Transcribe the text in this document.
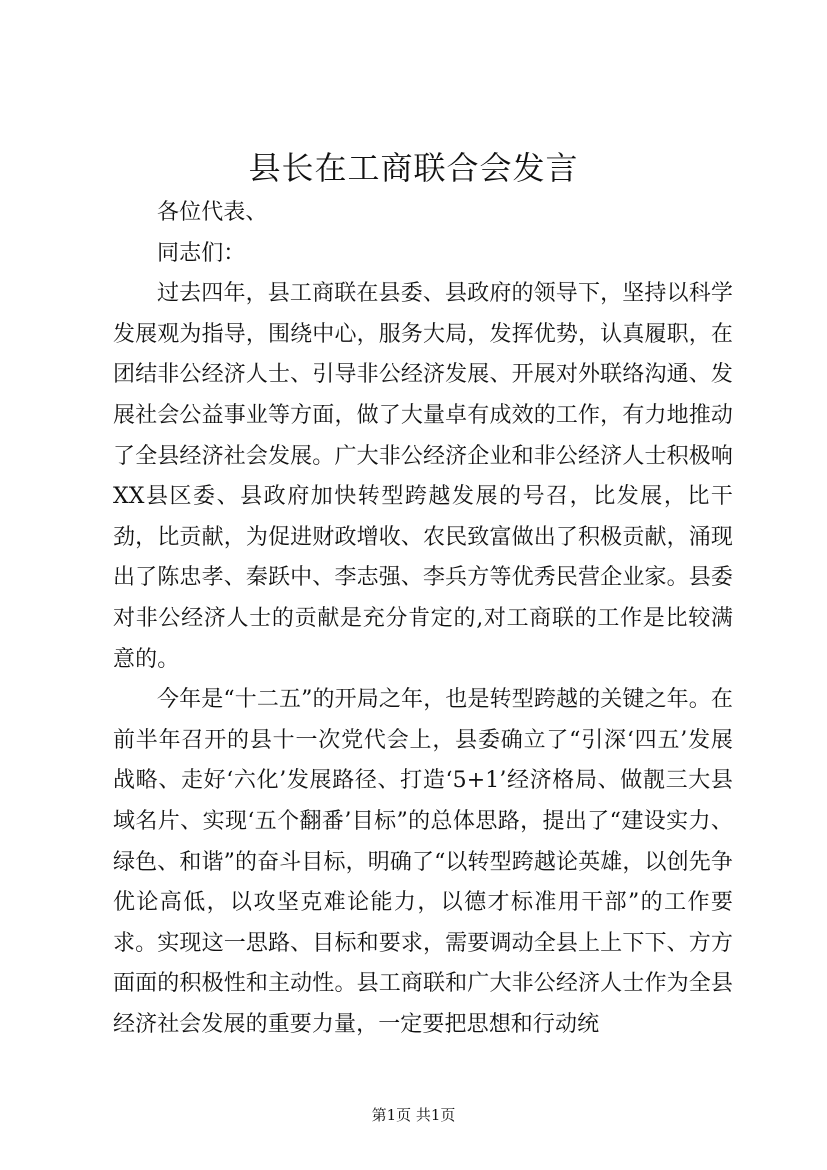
县长在工商联合会发言

各位代表、

同志们：

过去四年，县工商联在县委、县政府的领导下，坚持以科学发展观为指导，围绕中心，服务大局，发挥优势，认真履职，在团结非公经济人士、引导非公经济发展、开展对外联络沟通、发展社会公益事业等方面，做了大量卓有成效的工作，有力地推动了全县经济社会发展。广大非公经济企业和非公经济人士积极响XX县区委、县政府加快转型跨越发展的号召，比发展，比干劲，比贡献，为促进财政增收、农民致富做出了积极贡献，涌现出了陈忠孝、秦跃中、李志强、李兵方等优秀民营企业家。县委对非公经济人士的贡献是充分肯定的,对工商联的工作是比较满意的。

今年是“十二五”的开局之年，也是转型跨越的关键之年。在前半年召开的县十一次党代会上，县委确立了“引深‘四五’发展战略、走好‘六化’发展路径、打造‘5+1’经济格局、做靓三大县域名片、实现‘五个翻番’目标”的总体思路，提出了“建设实力、绿色、和谐”的奋斗目标，明确了“以转型跨越论英雄，以创先争优论高低，以攻坚克难论能力，以德才标准用干部”的工作要求。实现这一思路、目标和要求，需要调动全县上上下下、方方面面的积极性和主动性。县工商联和广大非公经济人士作为全县经济社会发展的重要力量，一定要把思想和行动统

第1页 共1页
